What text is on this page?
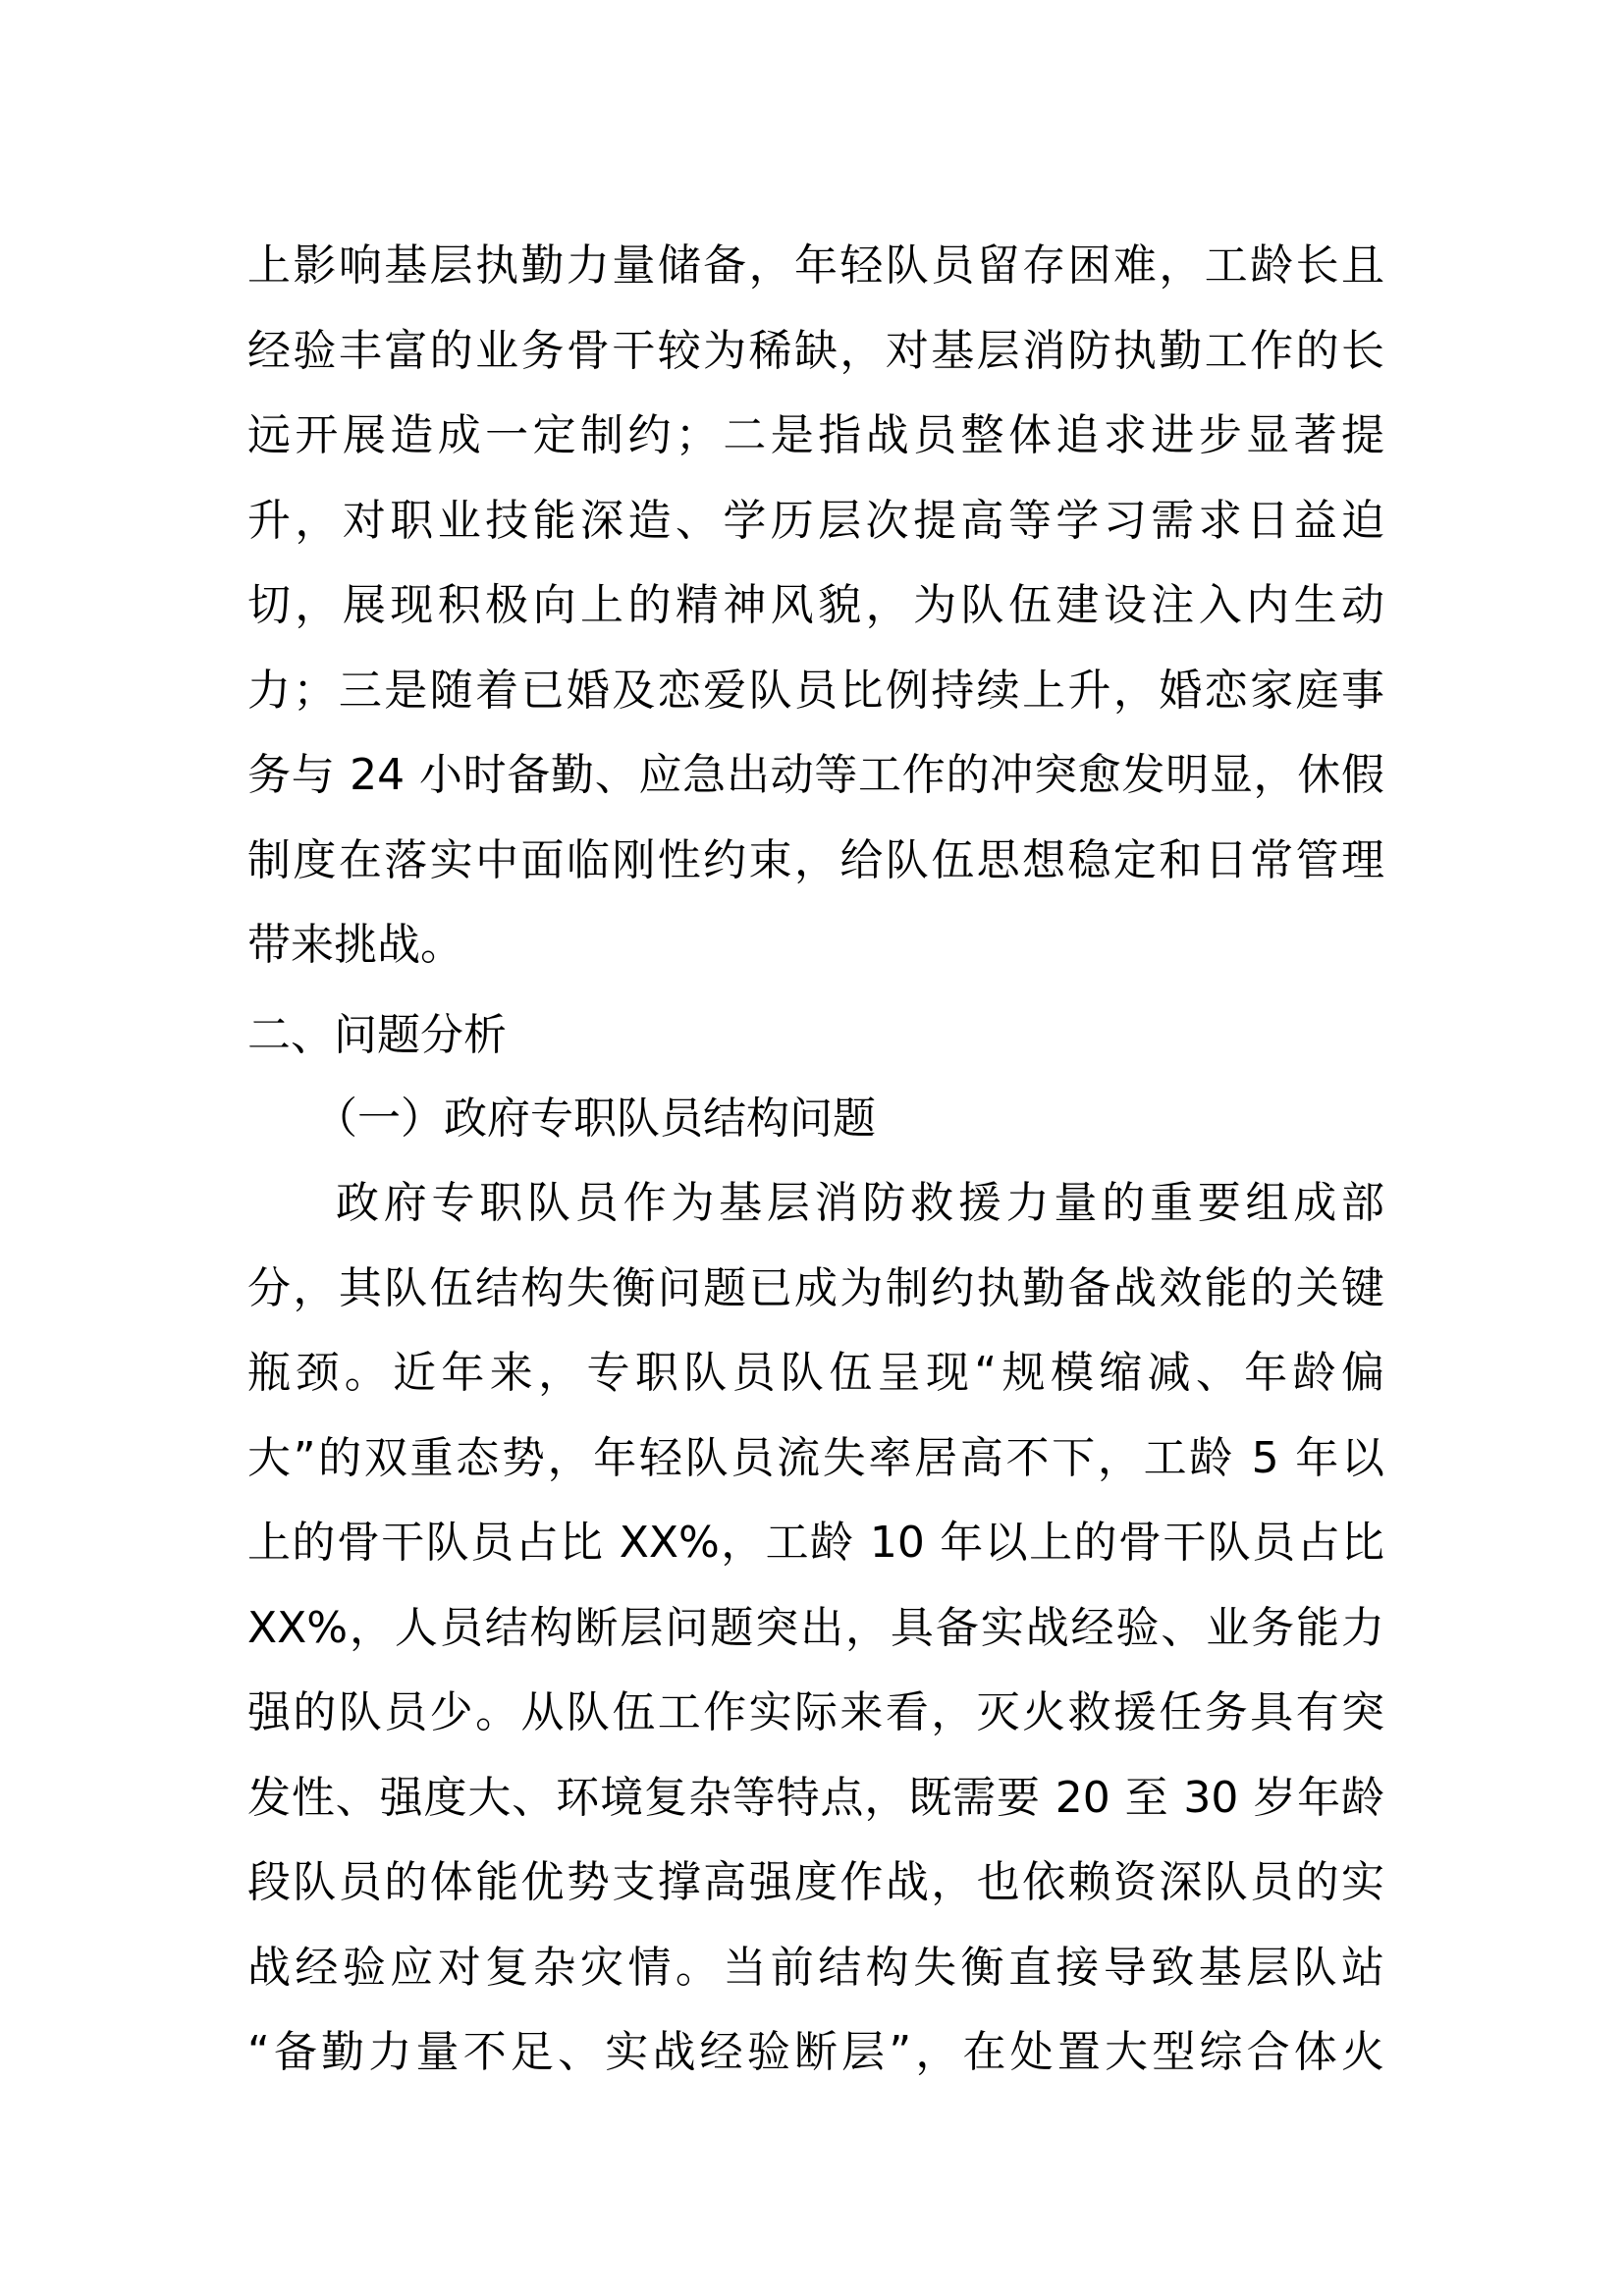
上影响基层执勤力量储备，年轻队员留存困难，工龄长且
经验丰富的业务骨干较为稀缺，对基层消防执勤工作的长
远开展造成一定制约；二是指战员整体追求进步显著提
升，对职业技能深造、学历层次提高等学习需求日益迫
切，展现积极向上的精神风貌，为队伍建设注入内生动
力；三是随着已婚及恋爱队员比例持续上升，婚恋家庭事
务与 24 小时备勤、应急出动等工作的冲突愈发明显，休假
制度在落实中面临刚性约束，给队伍思想稳定和日常管理
带来挑战。
二、问题分析
（一）政府专职队员结构问题
政府专职队员作为基层消防救援力量的重要组成部
分，其队伍结构失衡问题已成为制约执勤备战效能的关键
瓶颈。近年来，专职队员队伍呈现“规模缩减、年龄偏
大”的双重态势，年轻队员流失率居高不下，工龄 5 年以
上的骨干队员占比 XX%，工龄 10 年以上的骨干队员占比
XX%，人员结构断层问题突出，具备实战经验、业务能力
强的队员少。从队伍工作实际来看，灭火救援任务具有突
发性、强度大、环境复杂等特点，既需要 20 至 30 岁年龄
段队员的体能优势支撑高强度作战，也依赖资深队员的实
战经验应对复杂灾情。当前结构失衡直接导致基层队站
“备勤力量不足、实战经验断层”，在处置大型综合体火
